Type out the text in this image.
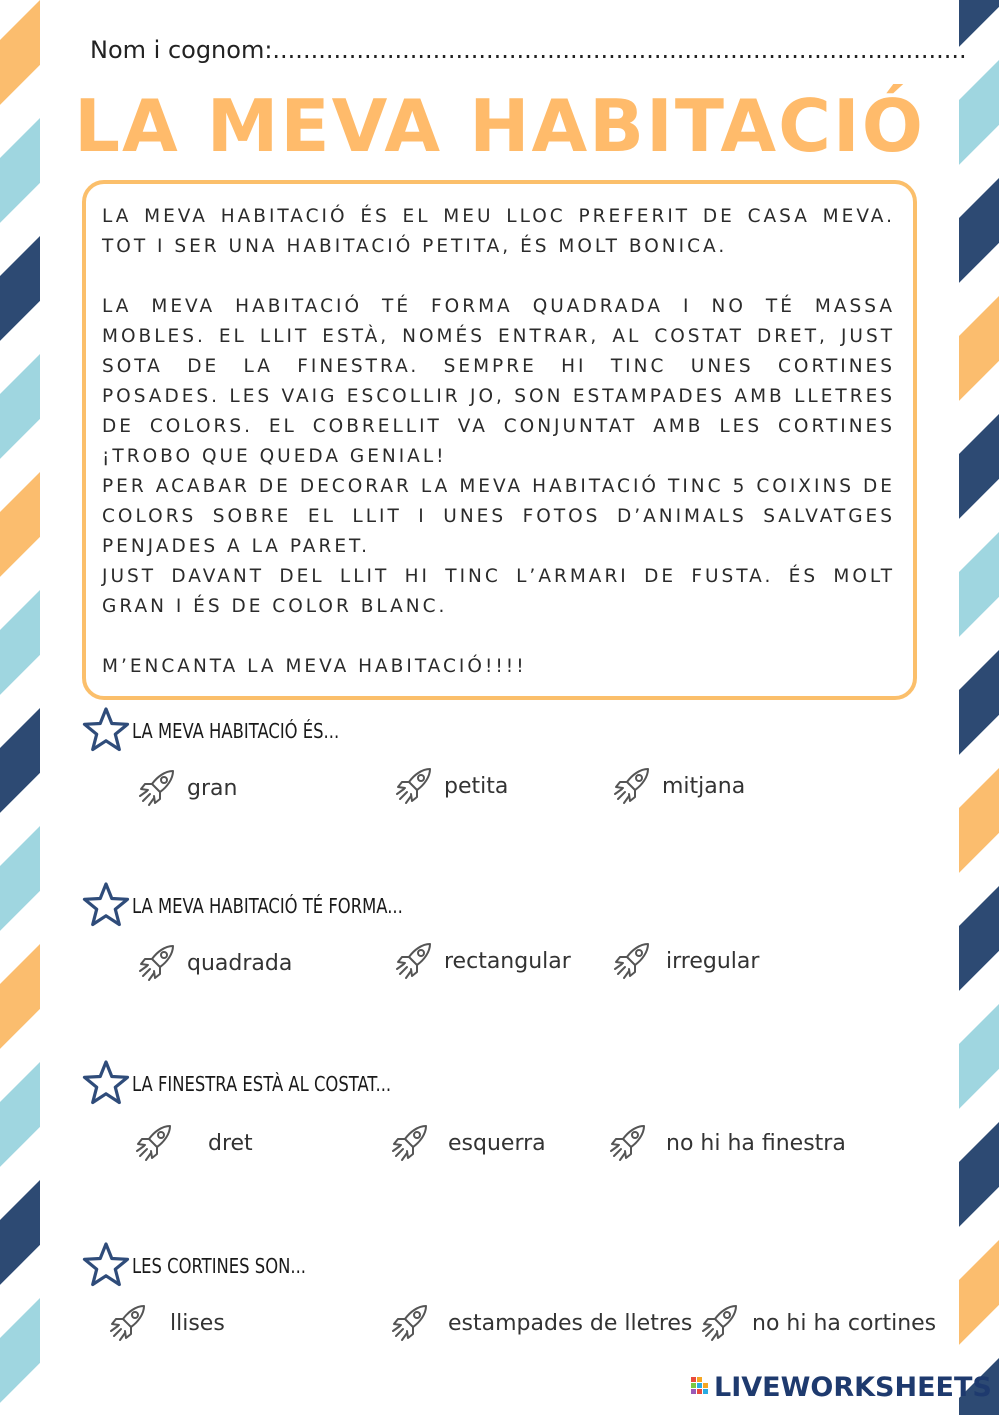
Nom i cognom:...........................................................................................
LA MEVA HABITACIÓ

LA MEVA HABITACIÓ ÉS EL MEU LLOC PREFERIT DE CASA MEVA. TOT I SER UNA HABITACIÓ PETITA, ÉS MOLT BONICA.

LA MEVA HABITACIÓ TÉ FORMA QUADRADA I NO TÉ MASSA MOBLES. EL LLIT ESTÀ, NOMÉS ENTRAR, AL COSTAT DRET, JUST SOTA DE LA FINESTRA. SEMPRE HI TINC UNES CORTINES POSADES. LES VAIG ESCOLLIR JO, SON ESTAMPADES AMB LLETRES DE COLORS. EL COBRELLIT VA CONJUNTAT AMB LES CORTINES ¡TROBO QUE QUEDA GENIAL!

PER ACABAR DE DECORAR LA MEVA HABITACIÓ TINC 5 COIXINS DE COLORS SOBRE EL LLIT I UNES FOTOS D’ANIMALS SALVATGES PENJADES A LA PARET.

JUST DAVANT DEL LLIT HI TINC L’ARMARI DE FUSTA. ÉS MOLT GRAN I ÉS DE COLOR BLANC.

M’ENCANTA LA MEVA HABITACIÓ!!!!

LA MEVA HABITACIÓ ÉS...
gran	petita	mitjana
LA MEVA HABITACIÓ TÉ FORMA...
quadrada	rectangular	irregular
LA FINESTRA ESTÀ AL COSTAT...
dret	esquerra	no hi ha finestra
LES CORTINES SON...
llises	estampades de lletres	no hi ha cortines
LIVEWORKSHEETS
